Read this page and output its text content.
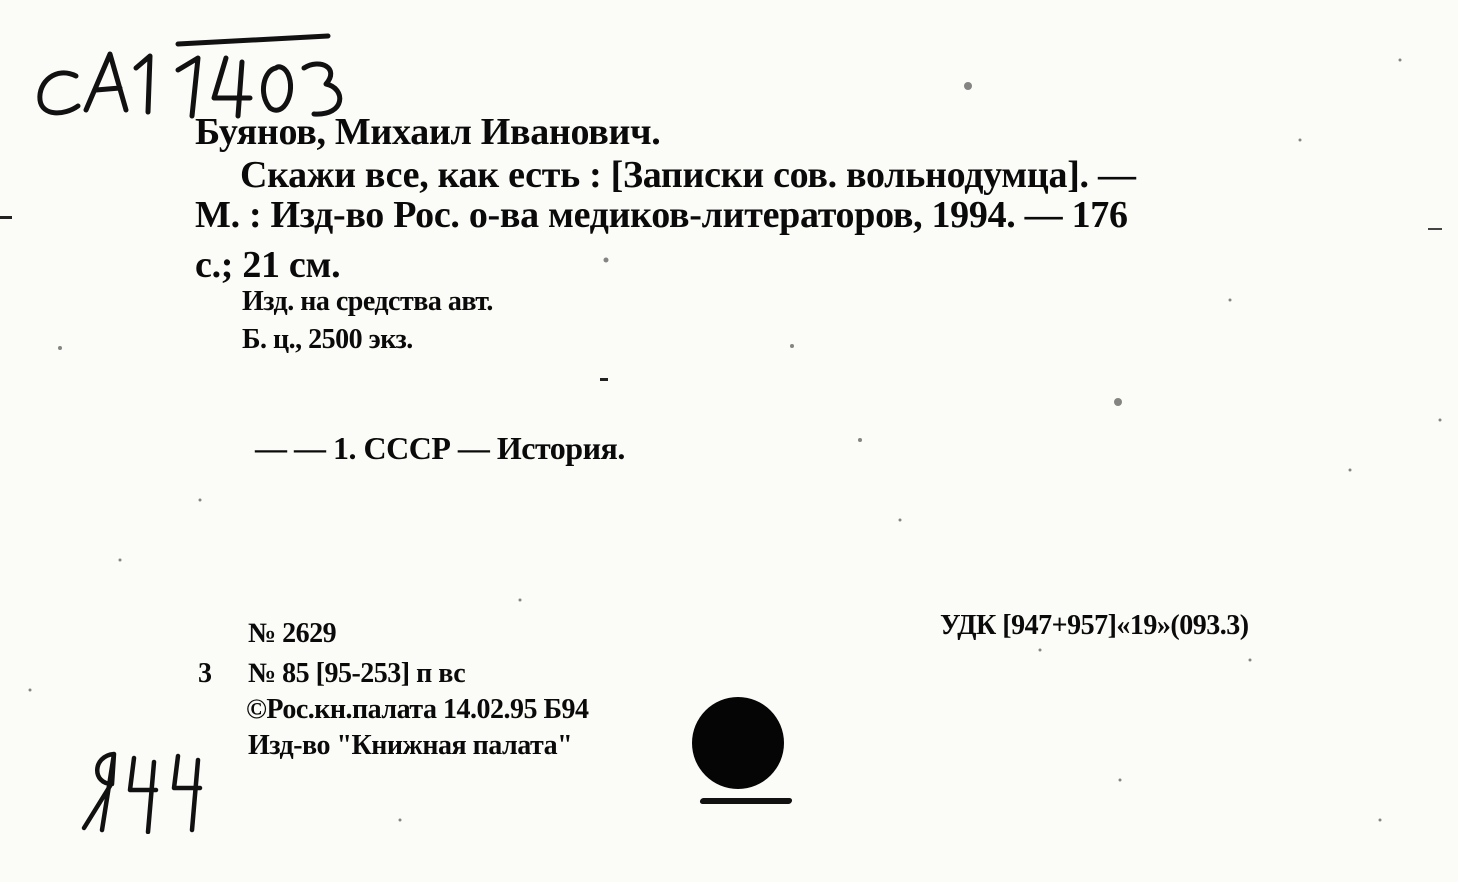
Буянов, Михаил Иванович.
Скажи все, как есть : [Записки сов. вольнодумца]. —
М. : Изд-во Рос. о-ва медиков-литераторов, 1994. — 176
с.; 21 см.
Изд. на средства авт.
Б. ц., 2500 экз.
— — 1. СССР — История.
№ 2629
3 № 85 [95-253] п вс
©Рос.кн.палата 14.02.95 Б94
Изд-во "Книжная палата"
УДК [947+957]«19»(093.3)
